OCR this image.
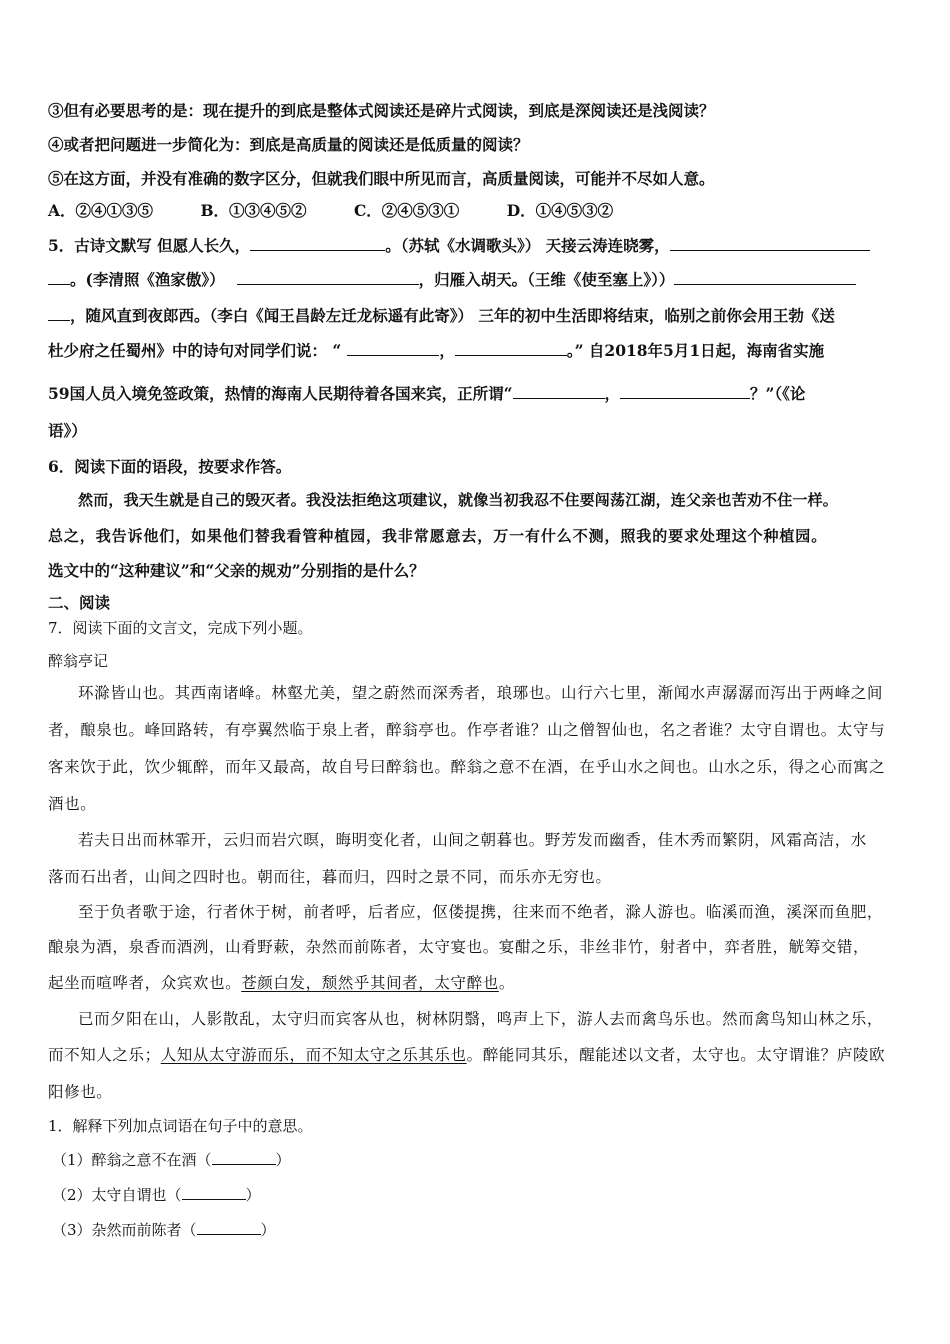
③但有必要思考的是：现在提升的到底是整体式阅读还是碎片式阅读，到底是深阅读还是浅阅读？
④或者把问题进一步简化为：到底是高质量的阅读还是低质量的阅读？
⑤在这方面，并没有准确的数字区分，但就我们眼中所见而言，高质量阅读，可能并不尽如人意。
A．②④①③⑤	B．①③④⑤②	C．②④⑤③①	D．①④⑤③②
5．古诗文默写 但愿人长久，	。（苏轼《水调歌头》） 天接云涛连晓雾，
。(李清照《渔家傲》）	，归雁入胡天。（王维《使至塞上》））
，随风直到夜郎西。（李白《闻王昌龄左迁龙标遥有此寄》） 三年的初中生活即将结束，临别之前你会用王勃《送
杜少府之任蜀州》中的诗句对同学们说： “	，	。” 自2018年5月1日起，海南省实施
59国人员入境免签政策，热情的海南人民期待着各国来宾，正所谓“	，	？”（《论
语》）
6．阅读下面的语段，按要求作答。
然而，我天生就是自己的毁灭者。我没法拒绝这项建议，就像当初我忍不住要闯荡江湖，连父亲也苦劝不住一样。
总之，我告诉他们，如果他们替我看管种植园，我非常愿意去，万一有什么不测，照我的要求处理这个种植园。
选文中的“这种建议”和“父亲的规劝”分别指的是什么？
二、阅读
7．阅读下面的文言文，完成下列小题。
醉翁亭记
环滁皆山也。其西南诸峰。林壑尤美，望之蔚然而深秀者，琅琊也。山行六七里，渐闻水声潺潺而泻出于两峰之间
者，酿泉也。峰回路转，有亭翼然临于泉上者，醉翁亭也。作亭者谁？山之僧智仙也，名之者谁？太守自谓也。太守与
客来饮于此，饮少辄醉，而年又最高，故自号曰醉翁也。醉翁之意不在酒，在乎山水之间也。山水之乐，得之心而寓之
酒也。
若夫日出而林霏开，云归而岩穴暝，晦明变化者，山间之朝暮也。野芳发而幽香，佳木秀而繁阴，风霜高洁，水
落而石出者，山间之四时也。朝而往，暮而归，四时之景不同，而乐亦无穷也。
至于负者歌于途，行者休于树，前者呼，后者应，伛偻提携，往来而不绝者，滁人游也。临溪而渔，溪深而鱼肥，
酿泉为酒，泉香而酒洌，山肴野蔌，杂然而前陈者，太守宴也。宴酣之乐，非丝非竹，射者中，弈者胜，觥筹交错，
起坐而喧哗者，众宾欢也。苍颜白发，颓然乎其间者，太守醉也。
已而夕阳在山，人影散乱，太守归而宾客从也，树林阴翳，鸣声上下，游人去而禽鸟乐也。然而禽鸟知山林之乐，
而不知人之乐；人知从太守游而乐，而不知太守之乐其乐也。醉能同其乐，醒能述以文者，太守也。太守谓谁？庐陵欧
阳修也。
1．解释下列加点词语在句子中的意思。
（1）醉翁之意不在酒（	）
（2）太守自谓也（	）
（3）杂然而前陈者（	）
